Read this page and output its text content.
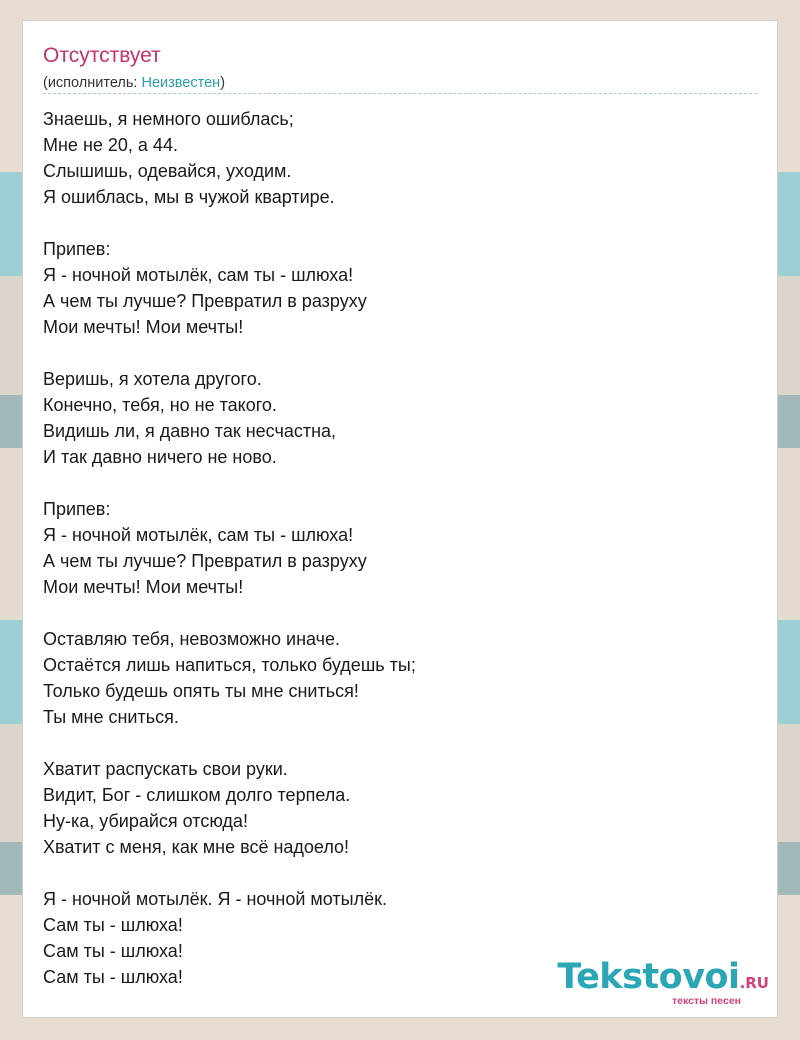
Отсутствует
(исполнитель: Неизвестен)
Знаешь, я немного ошиблась;
Мне не 20, а 44.
Слышишь, одевайся, уходим.
Я ошиблась, мы в чужой квартире.
Припев:
Я - ночной мотылёк, сам ты - шлюха!
А чем ты лучше? Превратил в разруху
Мои мечты! Мои мечты!
Веришь, я хотела другого.
Конечно, тебя, но не такого.
Видишь ли, я давно так несчастна,
И так давно ничего не ново.
Припев:
Я - ночной мотылёк, сам ты - шлюха!
А чем ты лучше? Превратил в разруху
Мои мечты! Мои мечты!
Оставляю тебя, невозможно иначе.
Остаётся лишь напиться, только будешь ты;
Только будешь опять ты мне сниться!
Ты мне сниться.
Хватит распускать свои руки.
Видит, Бог - слишком долго терпела.
Ну-ка, убирайся отсюда!
Хватит с меня, как мне всё надоело!
Я - ночной мотылёк. Я - ночной мотылёк.
Сам ты - шлюха!
Сам ты - шлюха!
Сам ты - шлюха!	Tekstovoi.RU
тексты песен
